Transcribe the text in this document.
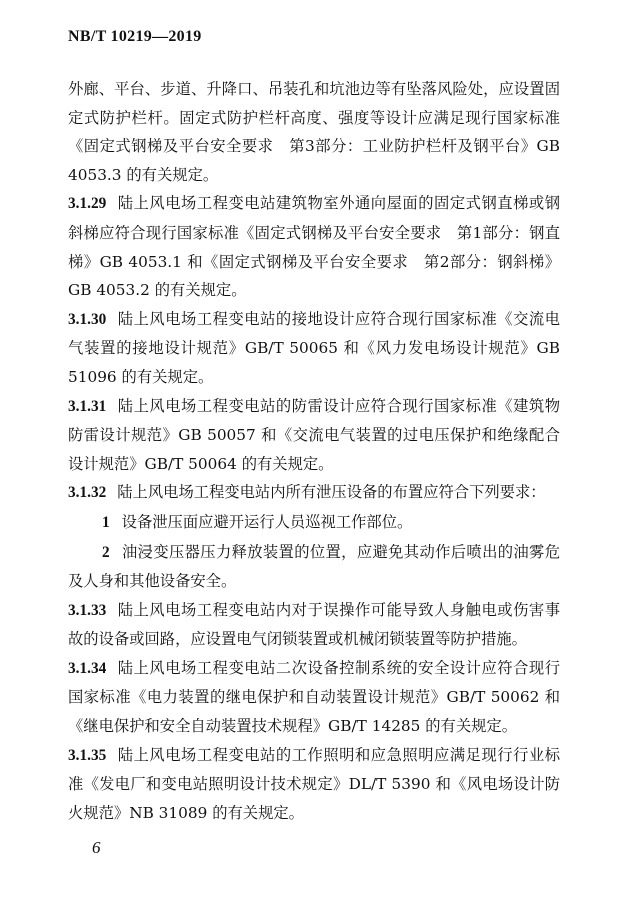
NB/T 10219—2019

外廊、平台、步道、升降口、吊装孔和坑池边等有坠落风险处，应设置固定式防护栏杆。固定式防护栏杆高度、强度等设计应满足现行国家标准《固定式钢梯及平台安全要求　第3部分：工业防护栏杆及钢平台》GB 4053.3 的有关规定。

3.1.29 陆上风电场工程变电站建筑物室外通向屋面的固定式钢直梯或钢斜梯应符合现行国家标准《固定式钢梯及平台安全要求　第1部分：钢直梯》GB 4053.1 和《固定式钢梯及平台安全要求　第2部分：钢斜梯》GB 4053.2 的有关规定。

3.1.30 陆上风电场工程变电站的接地设计应符合现行国家标准《交流电气装置的接地设计规范》GB/T 50065 和《风力发电场设计规范》GB 51096 的有关规定。

3.1.31 陆上风电场工程变电站的防雷设计应符合现行国家标准《建筑物防雷设计规范》GB 50057 和《交流电气装置的过电压保护和绝缘配合设计规范》GB/T 50064 的有关规定。

3.1.32 陆上风电场工程变电站内所有泄压设备的布置应符合下列要求：

1 设备泄压面应避开运行人员巡视工作部位。

2 油浸变压器压力释放装置的位置，应避免其动作后喷出的油雾危及人身和其他设备安全。

3.1.33 陆上风电场工程变电站内对于误操作可能导致人身触电或伤害事故的设备或回路，应设置电气闭锁装置或机械闭锁装置等防护措施。

3.1.34 陆上风电场工程变电站二次设备控制系统的安全设计应符合现行国家标准《电力装置的继电保护和自动装置设计规范》GB/T 50062 和《继电保护和安全自动装置技术规程》GB/T 14285 的有关规定。

3.1.35 陆上风电场工程变电站的工作照明和应急照明应满足现行行业标准《发电厂和变电站照明设计技术规定》DL/T 5390 和《风电场设计防火规范》NB 31089 的有关规定。

6
